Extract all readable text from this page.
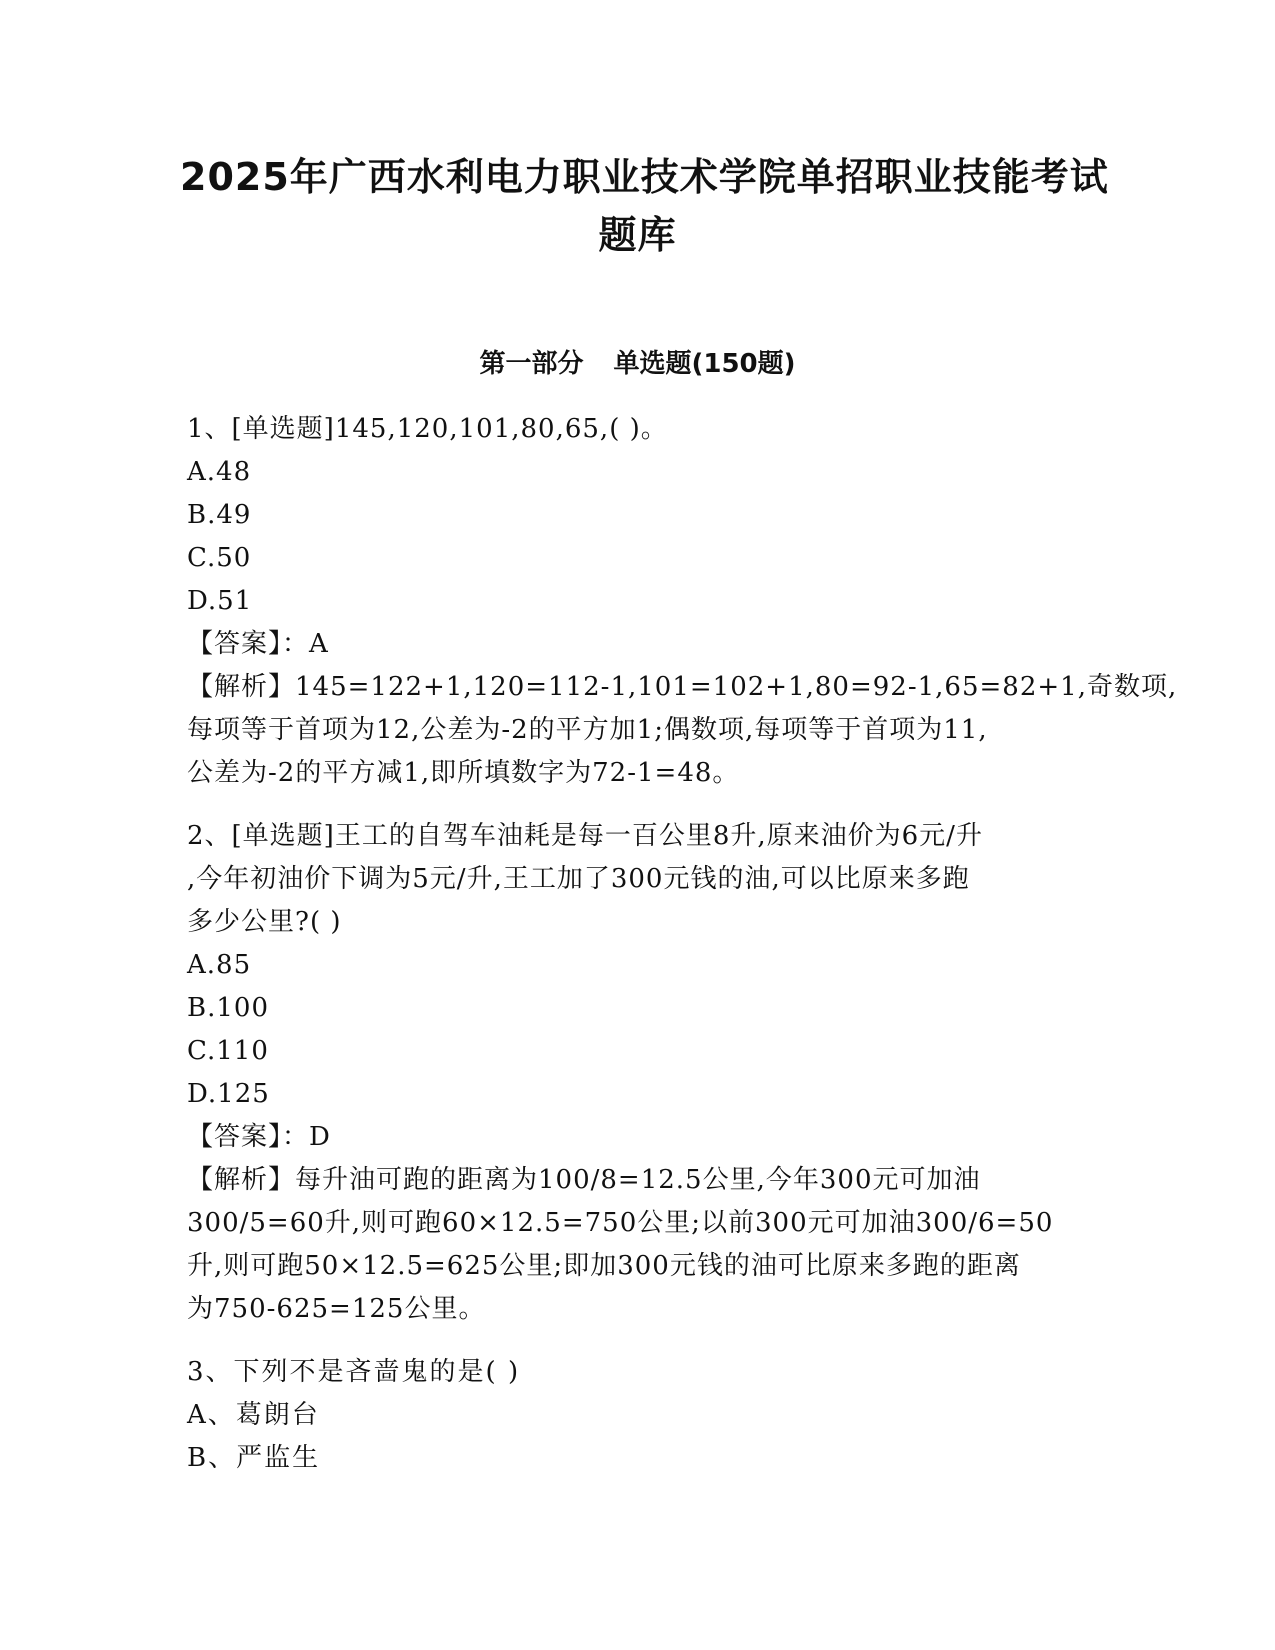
2025年广西水利电力职业技术学院单招职业技能考试
题库
第一部分 单选题(150题)
1、[单选题]145,120,101,80,65,( )。
A.48
B.49
C.50
D.51
【答案】：A
【解析】145=122+1,120=112-1,101=102+1,80=92-1,65=82+1,奇数项,
每项等于首项为12,公差为-2的平方加1;偶数项,每项等于首项为11,
公差为-2的平方减1,即所填数字为72-1=48。
2、[单选题]王工的自驾车油耗是每一百公里8升,原来油价为6元/升
,今年初油价下调为5元/升,王工加了300元钱的油,可以比原来多跑
多少公里?( )
A.85
B.100
C.110
D.125
【答案】：D
【解析】每升油可跑的距离为100/8=12.5公里,今年300元可加油
300/5=60升,则可跑60×12.5=750公里;以前300元可加油300/6=50
升,则可跑50×12.5=625公里;即加300元钱的油可比原来多跑的距离
为750-625=125公里。
3、下列不是吝啬鬼的是( )
A、葛朗台
B、严监生
